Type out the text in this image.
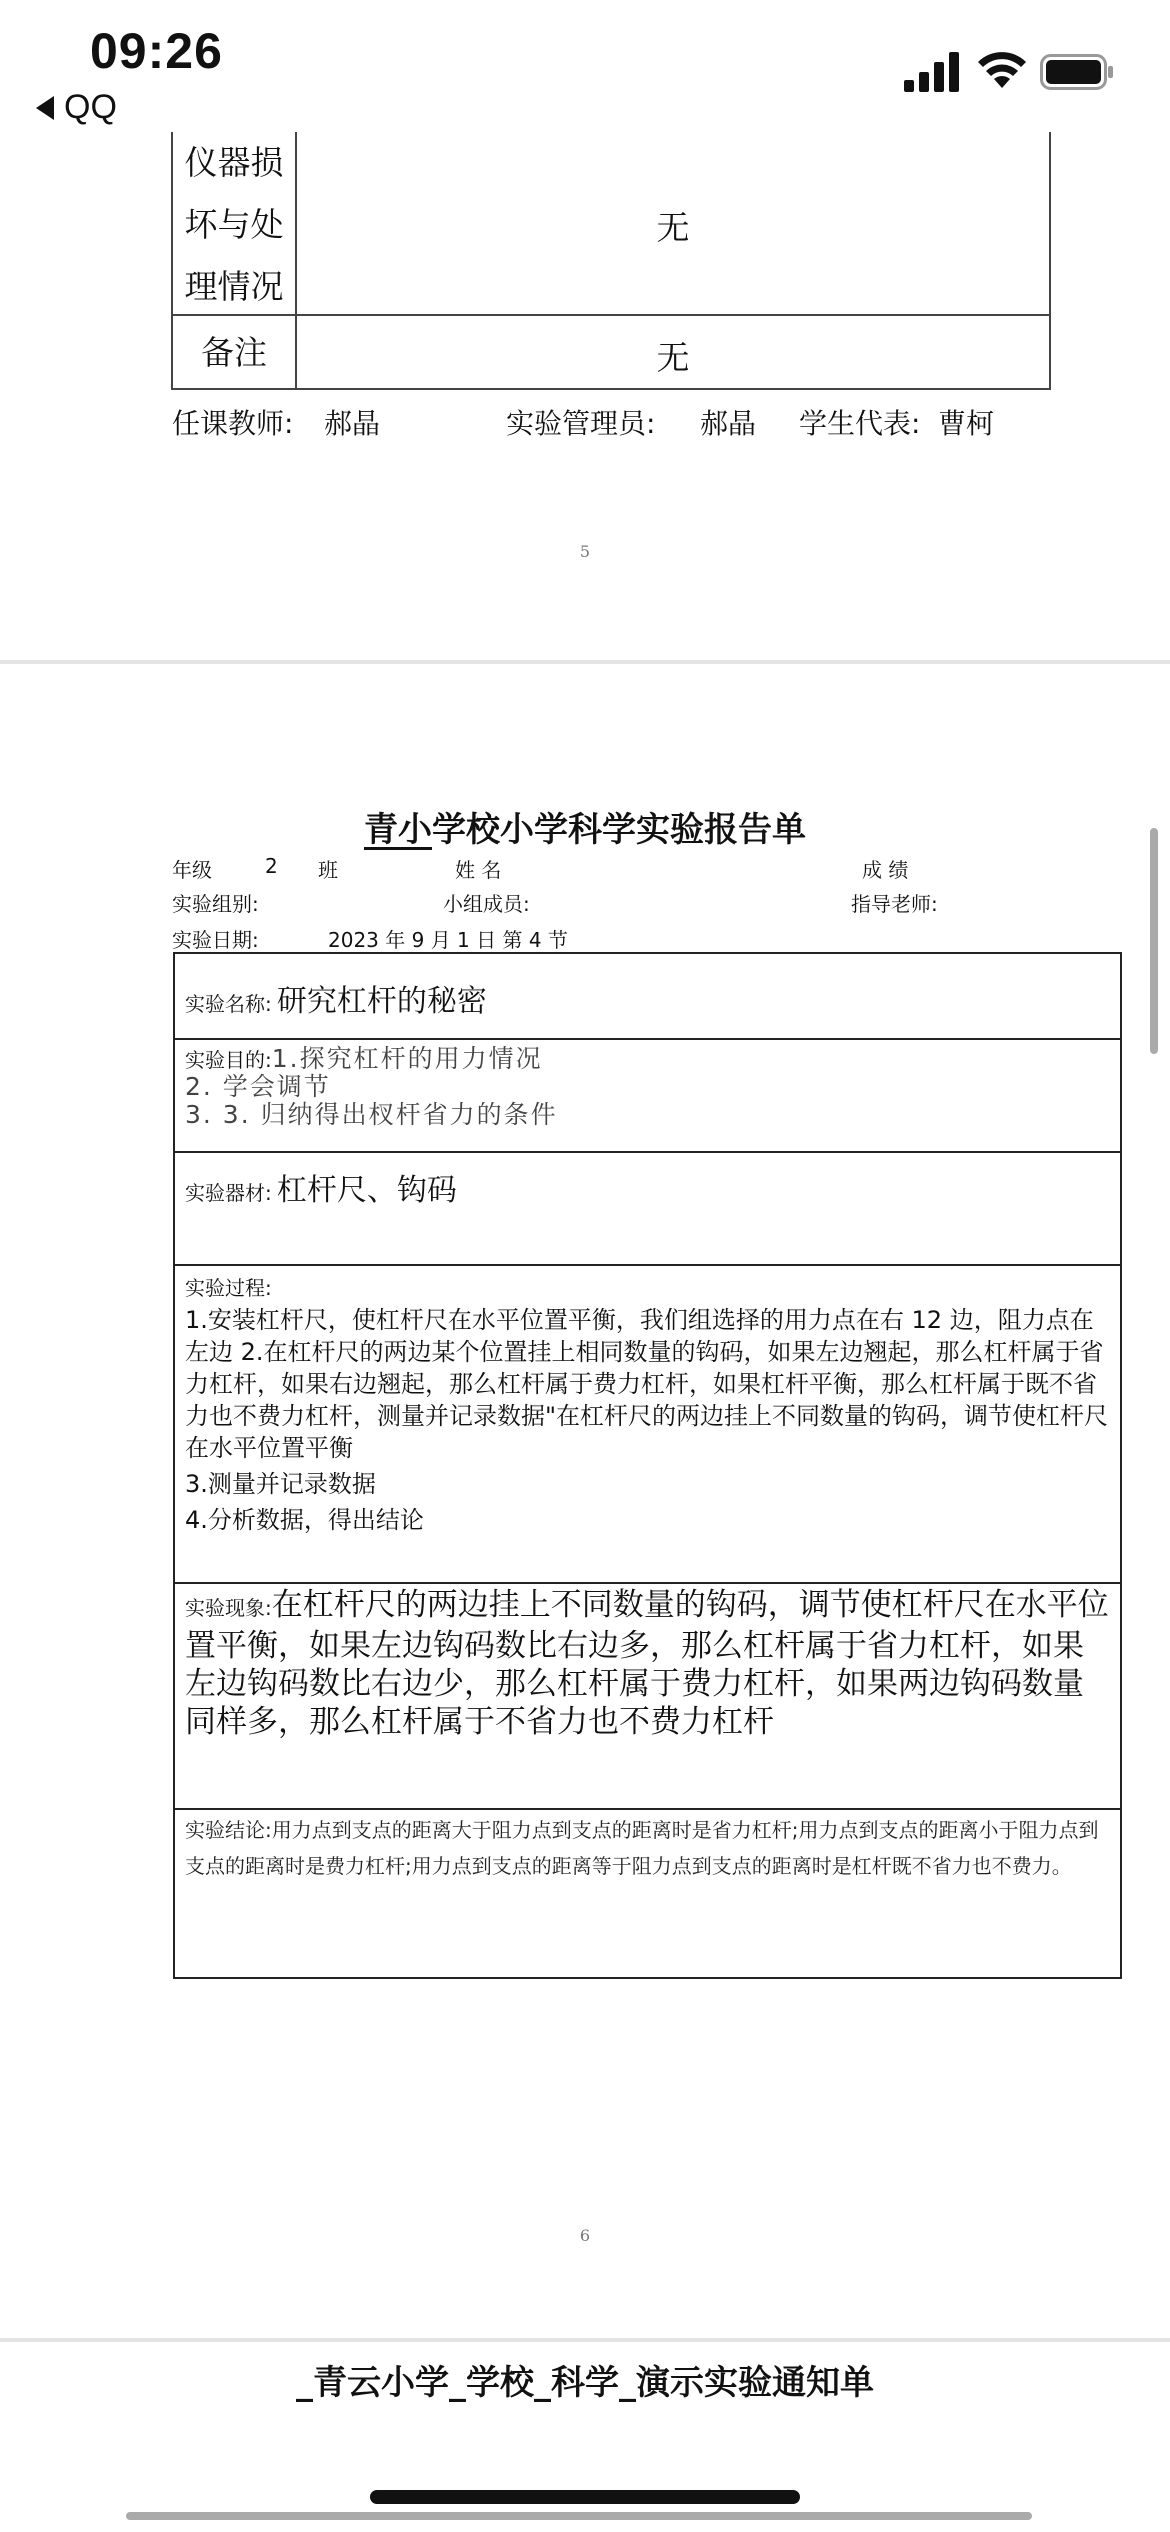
09:26
QQ
仪器损
坏与处
理情况
无
备注	无
任课教师: 郝晶	实验管理员: 郝晶 学生代表: 曹柯
5
青小学校小学科学实验报告单
年级	2 班	姓 名	成 绩
实验组别:	小组成员:	指导老师:
实验日期:	2023 年 9 月 1 日 第 4 节
实验名称: 研究杠杆的秘密
实验目的:1.探究杠杆的用力情况
2. 学会调节
3. 3. 归纳得出杈杆省力的条件
实验器材: 杠杆尺、钩码
实验过程:
1.安装杠杆尺，使杠杆尺在水平位置平衡，我们组选择的用力点在右 12 边，阻力点在左边 2.在杠杆尺的两边某个位置挂上相同数量的钩码，如果左边翘起，那么杠杆属于省力杠杆，如果右边翘起，那么杠杆属于费力杠杆，如果杠杆平衡，那么杠杆属于既不省力也不费力杠杆，测量并记录数据"在杠杆尺的两边挂上不同数量的钩码，调节使杠杆尺在水平位置平衡
3.测量并记录数据
4.分析数据，得出结论
实验现象:在杠杆尺的两边挂上不同数量的钩码，调节使杠杆尺在水平位置平衡，如果左边钩码数比右边多，那么杠杆属于省力杠杆，如果左边钩码数比右边少，那么杠杆属于费力杠杆，如果两边钩码数量同样多，那么杠杆属于不省力也不费力杠杆
实验结论:用力点到支点的距离大于阻力点到支点的距离时是省力杠杆;用力点到支点的距离小于阻力点到支点的距离时是费力杠杆;用力点到支点的距离等于阻力点到支点的距离时是杠杆既不省力也不费力。
6
_青云小学_学校_科学_演示实验通知单
